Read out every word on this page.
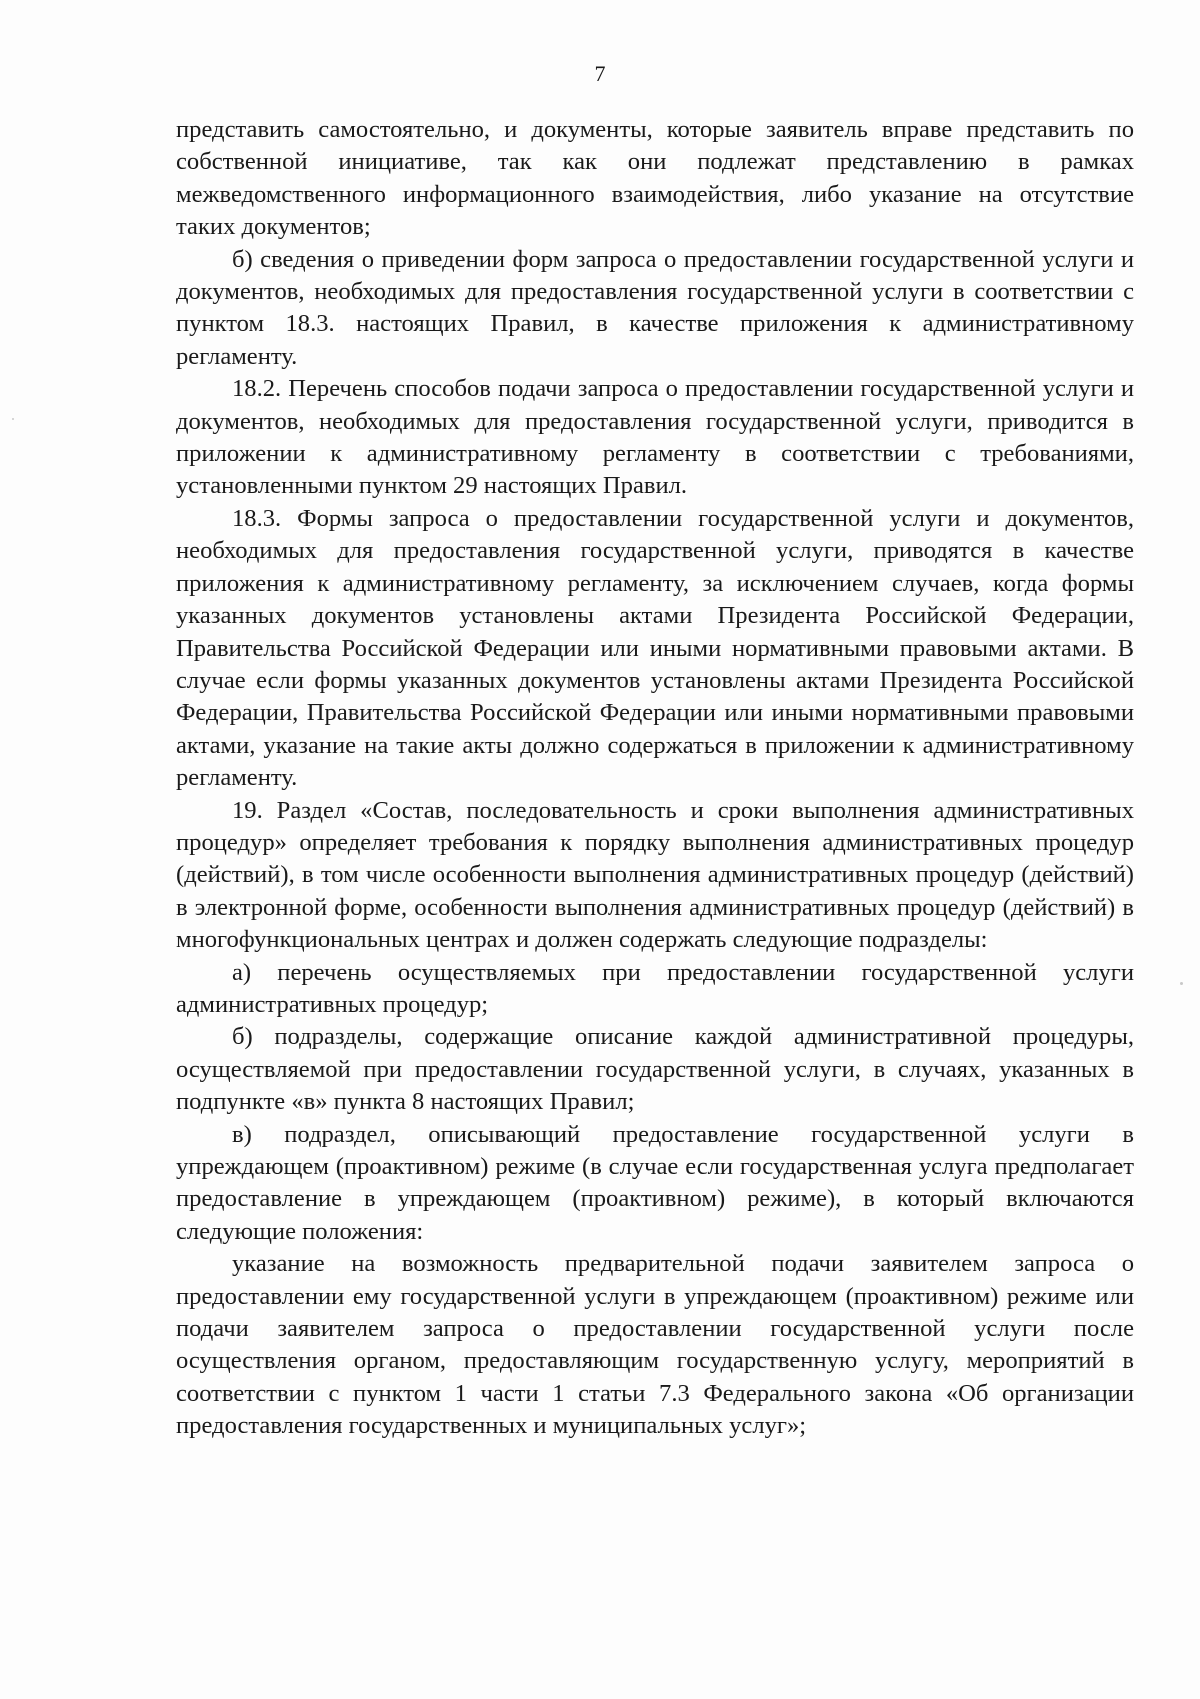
7

представить самостоятельно, и документы, которые заявитель вправе представить по собственной инициативе, так как они подлежат представлению в рамках межведомственного информационного взаимодействия, либо указание на отсутствие таких документов;

б) сведения о приведении форм запроса о предоставлении государственной услуги и документов, необходимых для предоставления государственной услуги в соответствии с пунктом 18.3. настоящих Правил, в качестве приложения к административному регламенту.

18.2. Перечень способов подачи запроса о предоставлении государственной услуги и документов, необходимых для предоставления государственной услуги, приводится в приложении к административному регламенту в соответствии с требованиями, установленными пунктом 29 настоящих Правил.

18.3. Формы запроса о предоставлении государственной услуги и документов, необходимых для предоставления государственной услуги, приводятся в качестве приложения к административному регламенту, за исключением случаев, когда формы указанных документов установлены актами Президента Российской Федерации, Правительства Российской Федерации или иными нормативными правовыми актами. В случае если формы указанных документов установлены актами Президента Российской Федерации, Правительства Российской Федерации или иными нормативными правовыми актами, указание на такие акты должно содержаться в приложении к административному регламенту.

19. Раздел «Состав, последовательность и сроки выполнения административных процедур» определяет требования к порядку выполнения административных процедур (действий), в том числе особенности выполнения административных процедур (действий) в электронной форме, особенности выполнения административных процедур (действий) в многофункциональных центрах и должен содержать следующие подразделы:

а) перечень осуществляемых при предоставлении государственной услуги административных процедур;

б) подразделы, содержащие описание каждой административной процедуры, осуществляемой при предоставлении государственной услуги, в случаях, указанных в подпункте «в» пункта 8 настоящих Правил;

в) подраздел, описывающий предоставление государственной услуги в упреждающем (проактивном) режиме (в случае если государственная услуга предполагает предоставление в упреждающем (проактивном) режиме), в который включаются следующие положения:

указание на возможность предварительной подачи заявителем запроса о предоставлении ему государственной услуги в упреждающем (проактивном) режиме или подачи заявителем запроса о предоставлении государственной услуги после осуществления органом, предоставляющим государственную услугу, мероприятий в соответствии с пунктом 1 части 1 статьи 7.3 Федерального закона «Об организации предоставления государственных и муниципальных услуг»;
